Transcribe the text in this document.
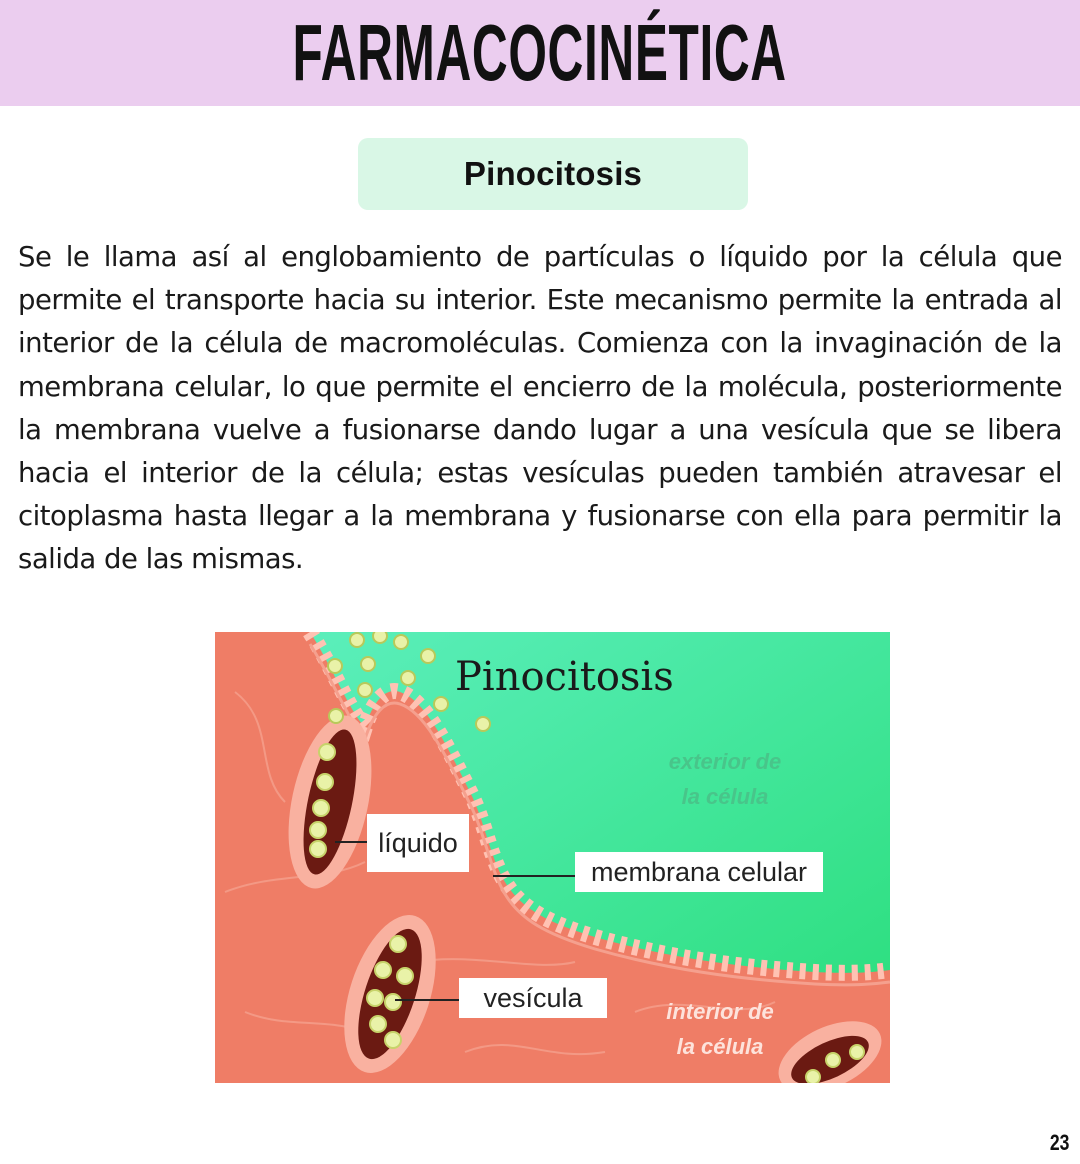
FARMACOCINÉTICA
Pinocitosis

Se le llama así al englobamiento de partículas o líquido por la célula que permite el transporte hacia su interior. Este mecanismo permite la entrada al interior de la célula de macromoléculas. Comienza con la invaginación de la membrana celular, lo que permite el encierro de la molécula, posteriormente la membrana vuelve a fusionarse dando lugar a una vesícula que se libera hacia el interior de la célula; estas vesículas pueden también atravesar el citoplasma hasta llegar a la membrana y fusionarse con ella para permitir la salida de las mismas.

Pinocitosis
líquido
membrana celular
vesícula
exterior de
la célula
interior de
la célula
23
